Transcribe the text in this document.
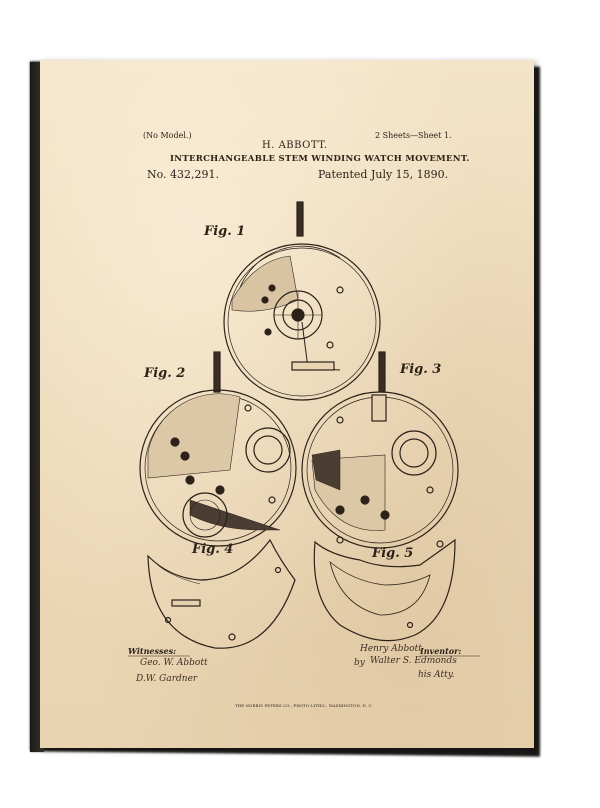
(No Model.)	2 Sheets—Sheet 1.
H. ABBOTT.
INTERCHANGEABLE STEM WINDING WATCH MOVEMENT.
No. 432,291.	Patented July 15, 1890.
Fig. 1
Fig. 2	Fig. 3
Fig. 4	Fig. 5
Witnesses:
Geo. W. Abbott
D.W. Gardner
Inventor:
Henry Abbott
by Walter S. Edmonds
his Atty.
THE NORRIS PETERS CO., PHOTO-LITHO., WASHINGTON, D. C.
